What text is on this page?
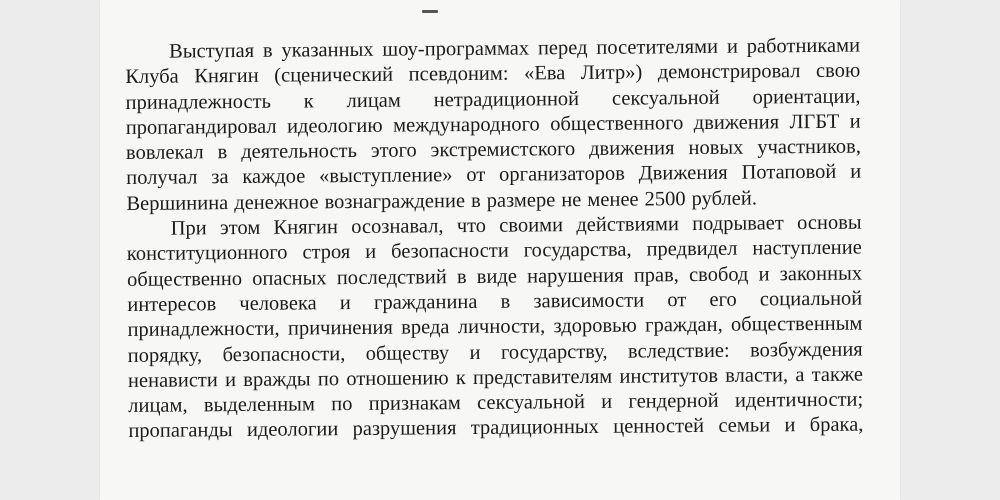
Выступая в указанных шоу-программах перед посетителями и работниками
Клуба Княгин (сценический псевдоним: «Ева Литр») демонстрировал свою
принадлежность к лицам нетрадиционной сексуальной ориентации,
пропагандировал идеологию международного общественного движения ЛГБТ и
вовлекал в деятельность этого экстремистского движения новых участников,
получал за каждое «выступление» от организаторов Движения Потаповой и
Вершинина денежное вознаграждение в размере не менее 2500 рублей.
При этом Княгин осознавал, что своими действиями подрывает основы
конституционного строя и безопасности государства, предвидел наступление
общественно опасных последствий в виде нарушения прав, свобод и законных
интересов человека и гражданина в зависимости от его социальной
принадлежности, причинения вреда личности, здоровью граждан, общественным
порядку, безопасности, обществу и государству, вследствие: возбуждения
ненависти и вражды по отношению к представителям институтов власти, а также
лицам, выделенным по признакам сексуальной и гендерной идентичности;
пропаганды идеологии разрушения традиционных ценностей семьи и брака,
